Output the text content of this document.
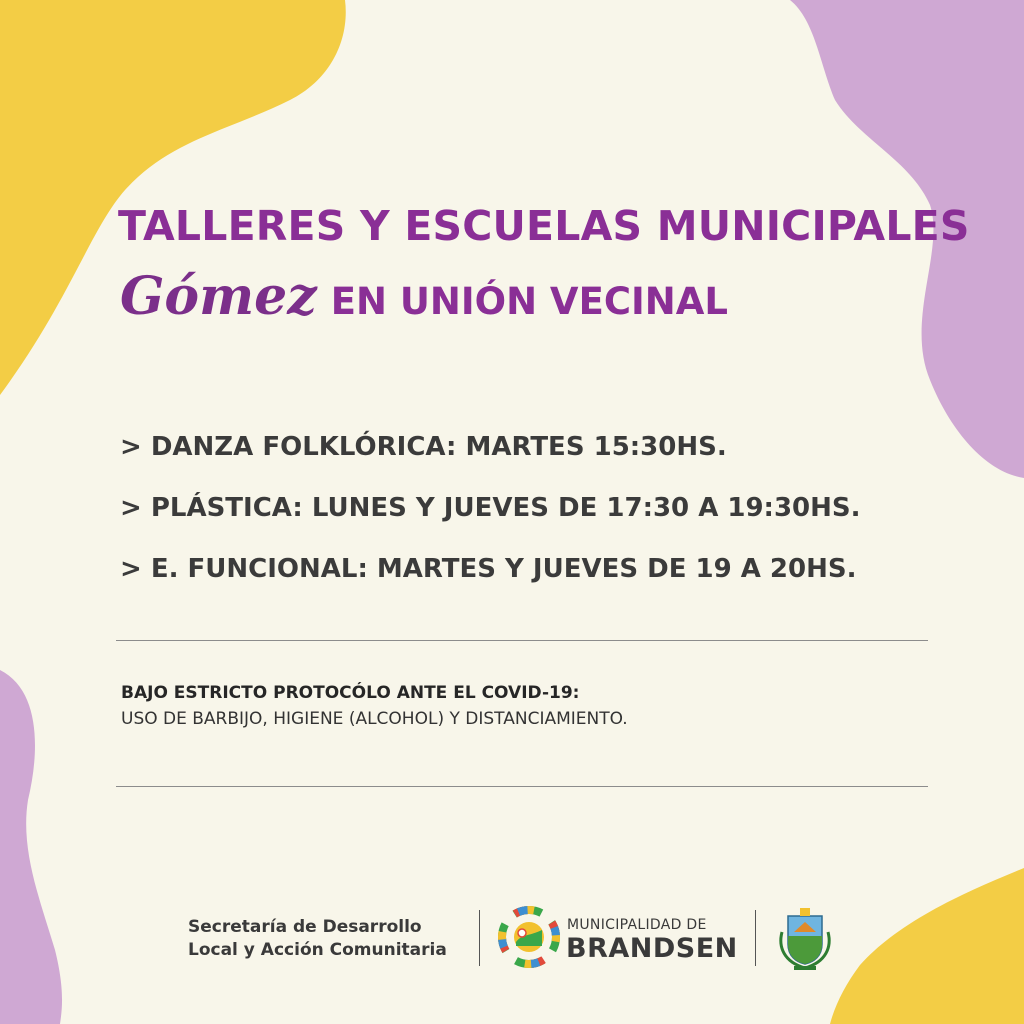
TALLERES Y ESCUELAS MUNICIPALES
Gómez EN UNIÓN VECINAL
> DANZA FOLKLÓRICA: MARTES 15:30HS.
> PLÁSTICA: LUNES Y JUEVES DE 17:30 A 19:30HS.
> E. FUNCIONAL: MARTES Y JUEVES DE 19 A 20HS.
BAJO ESTRICTO PROTOCÓLO ANTE EL COVID-19:
USO DE BARBIJO, HIGIENE (ALCOHOL) Y DISTANCIAMIENTO.
Secretaría de Desarrollo
Local y Acción Comunitaria
MUNICIPALIDAD DE
BRANDSEN
